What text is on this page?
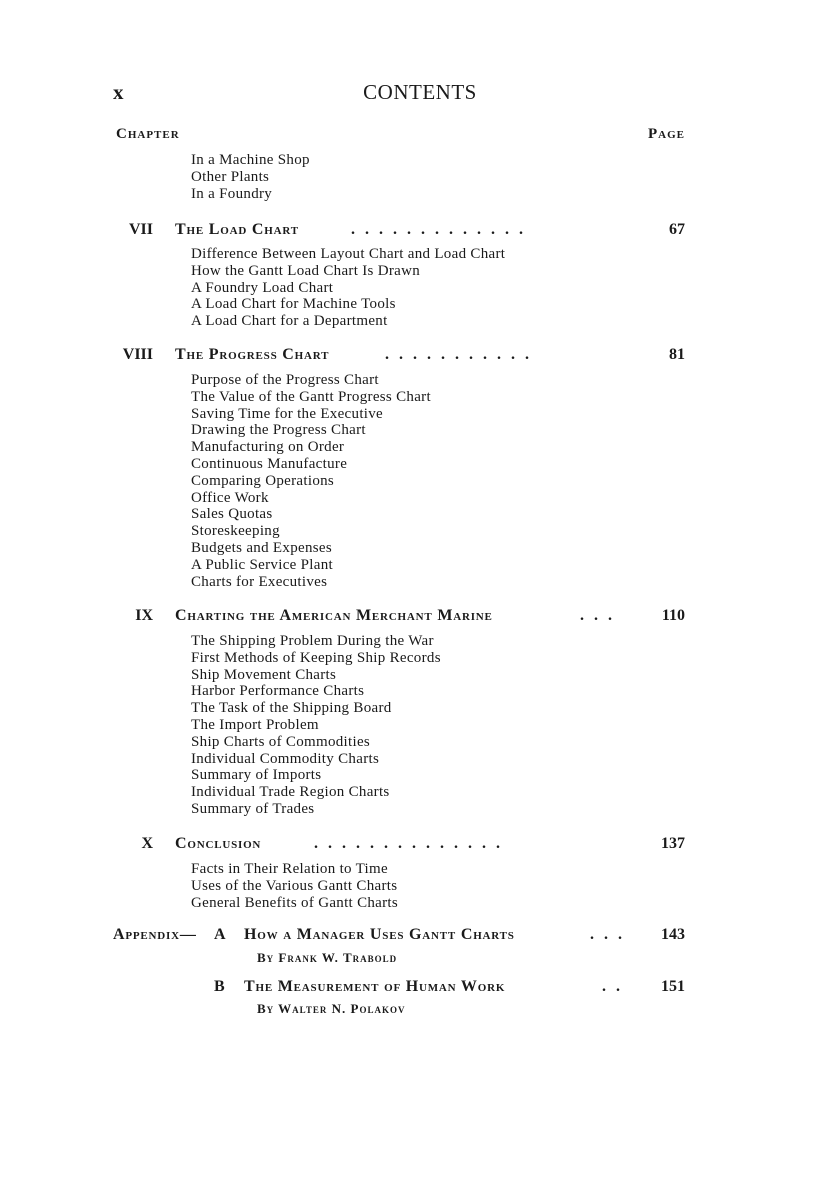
x	CONTENTS
Chapter	Page
In a Machine Shop
Other Plants
In a Foundry
VII The Load Chart	.............	67
Difference Between Layout Chart and Load Chart
How the Gantt Load Chart Is Drawn
A Foundry Load Chart
A Load Chart for Machine Tools
A Load Chart for a Department
VIII The Progress Chart	...........	81
Purpose of the Progress Chart
The Value of the Gantt Progress Chart
Saving Time for the Executive
Drawing the Progress Chart
Manufacturing on Order
Continuous Manufacture
Comparing Operations
Office Work
Sales Quotas
Storeskeeping
Budgets and Expenses
A Public Service Plant
Charts for Executives
IX Charting the American Merchant Marine	... 110
The Shipping Problem During the War
First Methods of Keeping Ship Records
Ship Movement Charts
Harbor Performance Charts
The Task of the Shipping Board
The Import Problem
Ship Charts of Commodities
Individual Commodity Charts
Summary of Imports
Individual Trade Region Charts
Summary of Trades
X Conclusion	..............	137
Facts in Their Relation to Time
Uses of the Various Gantt Charts
General Benefits of Gantt Charts
Appendix— A How a Manager Uses Gantt Charts	... 143
By Frank W. Trabold
B The Measurement of Human Work	.. 151
By Walter N. Polakov
